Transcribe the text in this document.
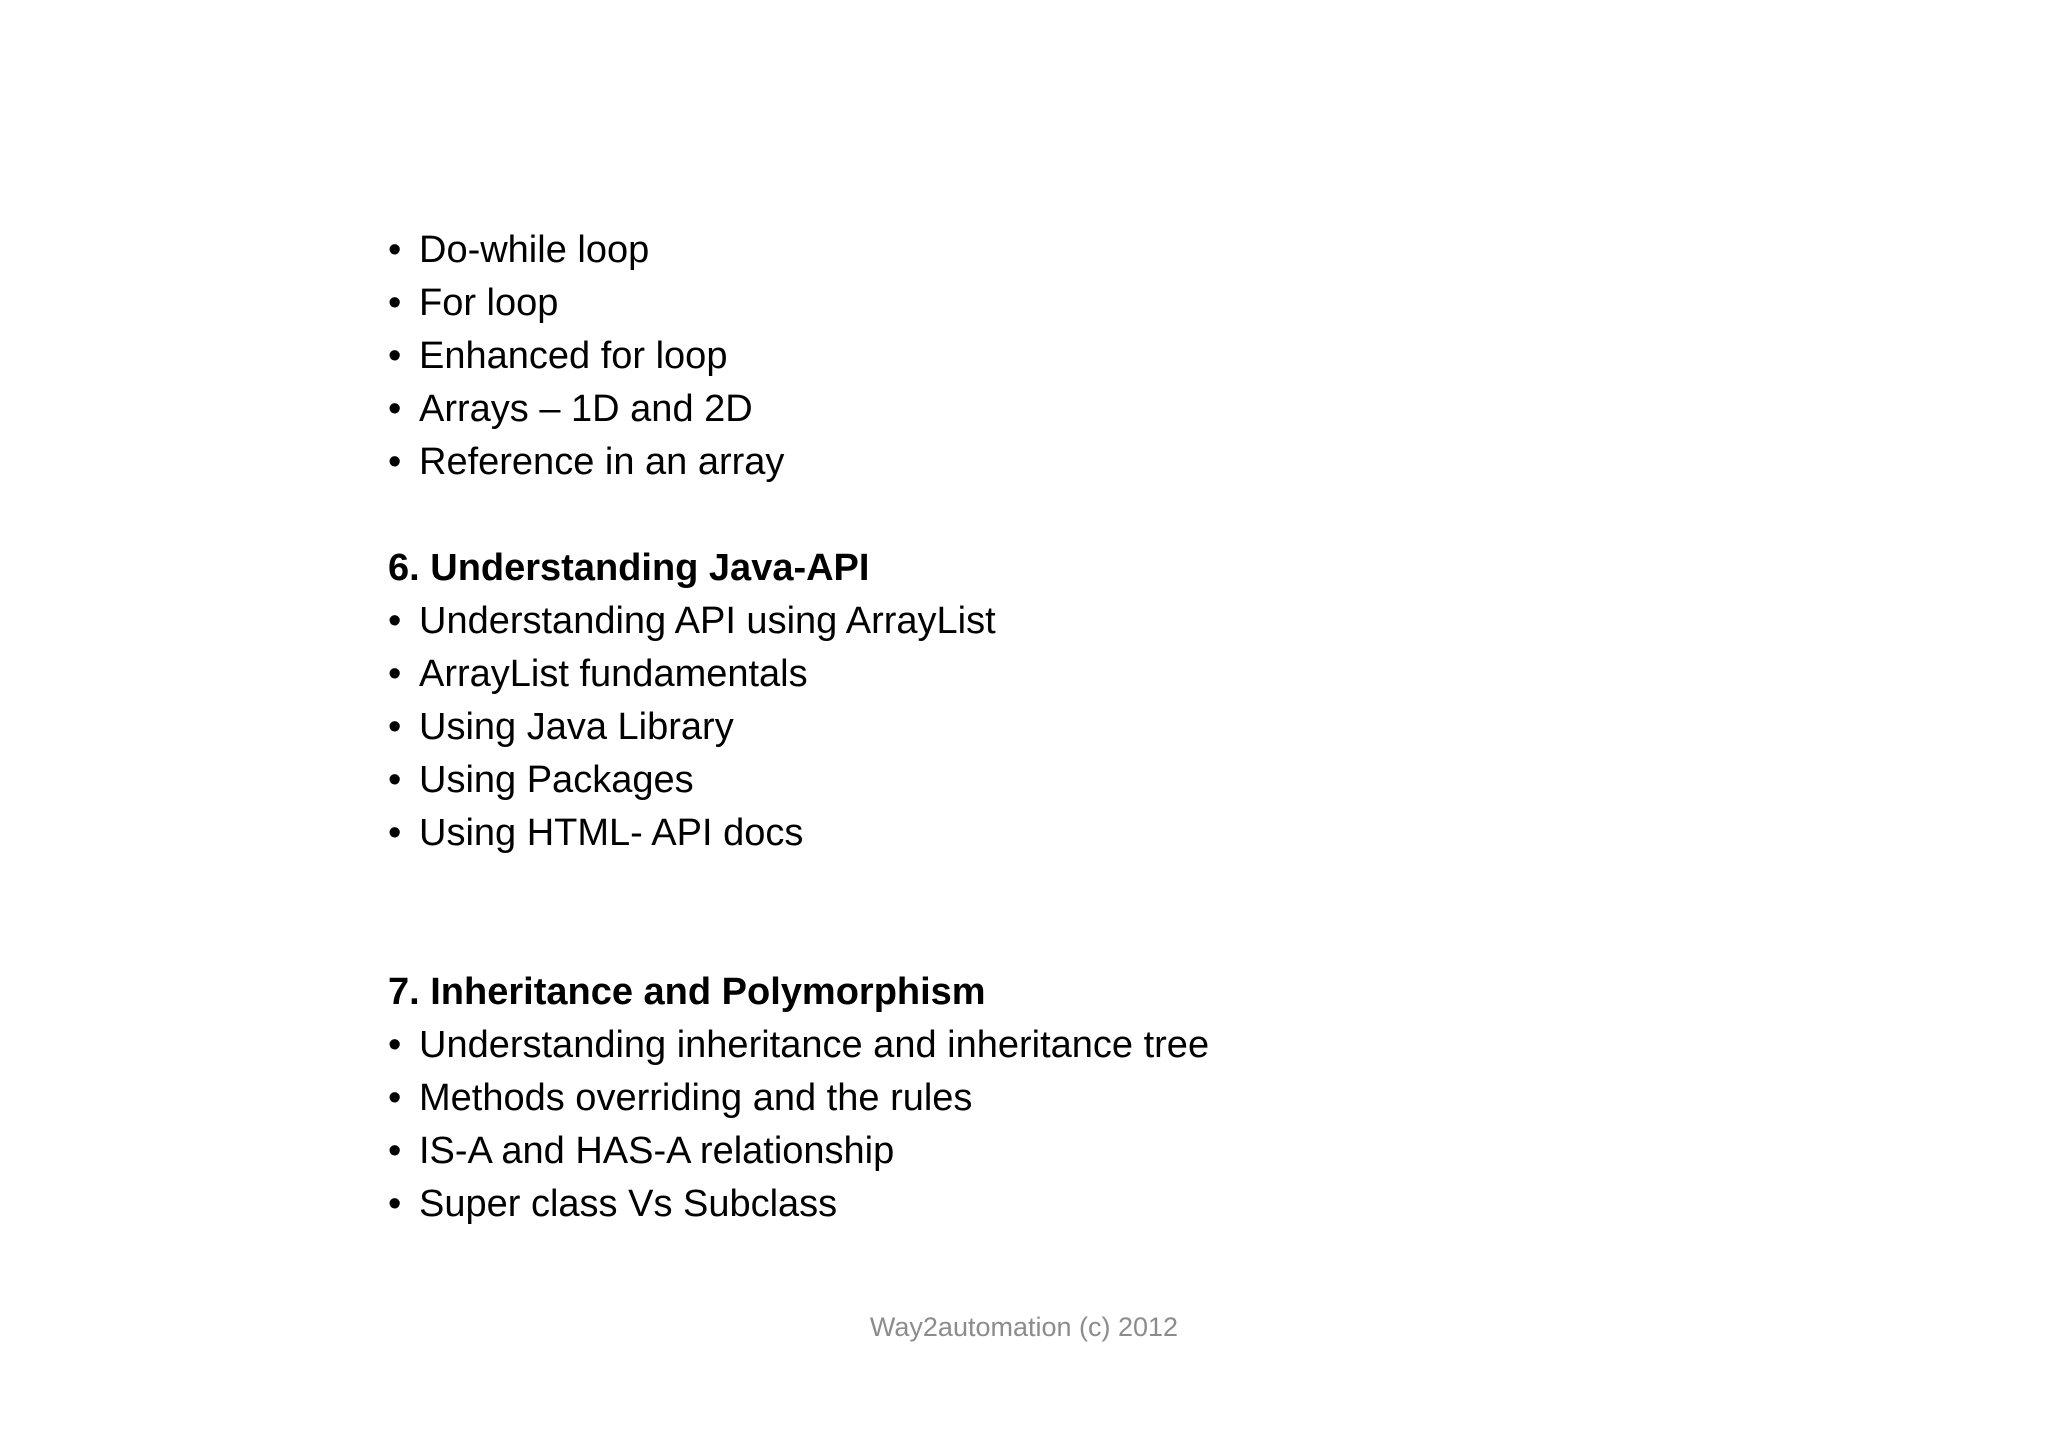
• Do-while loop
• For loop
• Enhanced for loop
• Arrays – 1D and 2D
• Reference in an array
6. Understanding Java-API
• Understanding API using ArrayList
• ArrayList fundamentals
• Using Java Library
• Using Packages
• Using HTML- API docs
7. Inheritance and Polymorphism
• Understanding inheritance and inheritance tree
• Methods overriding and the rules
• IS-A and HAS-A relationship
• Super class Vs Subclass
Way2automation (c) 2012
